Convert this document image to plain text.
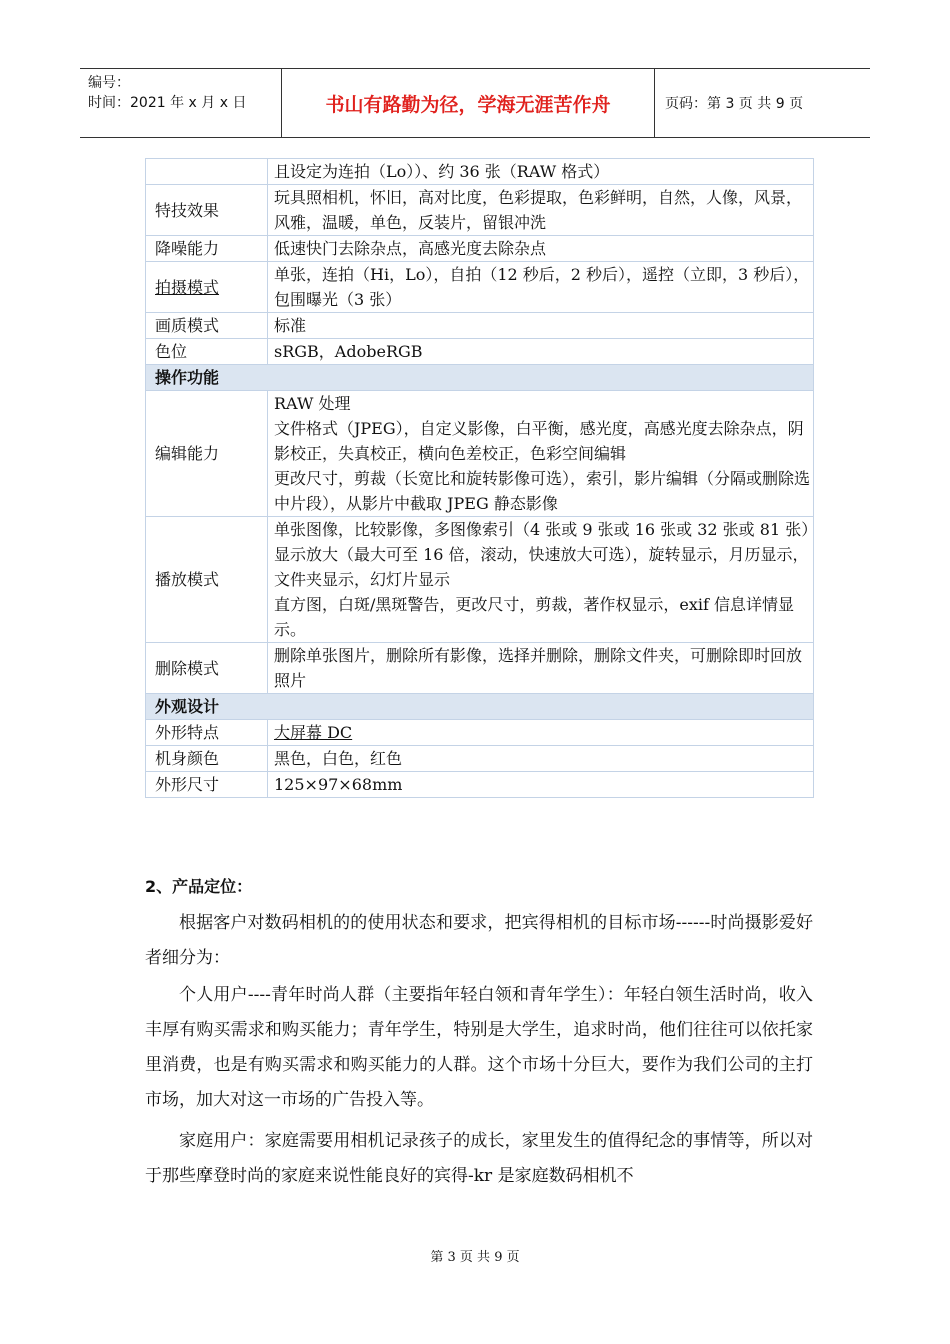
编号：
时间：2021 年 x 月 x 日	书山有路勤为径，学海无涯苦作舟	页码：第 3 页 共 9 页

	且设定为连拍（Lo））、约 36 张（RAW 格式）

特技效果	玩具照相机，怀旧，高对比度，色彩提取，色彩鲜明，自然，人像，风景，风雅，温暖，单色，反装片，留银冲洗

降噪能力	低速快门去除杂点，高感光度去除杂点

拍摄模式	单张，连拍（Hi，Lo），自拍（12 秒后，2 秒后），遥控（立即，3 秒后），包围曝光（3 张）

画质模式	标准

色位	sRGB，AdobeRGB

操作功能	
编辑能力	RAW 处理
文件格式（JPEG），自定义影像，白平衡，感光度，高感光度去除杂点，阴影校正，失真校正，横向色差校正，色彩空间编辑
更改尺寸，剪裁（长宽比和旋转影像可选），索引，影片编辑（分隔或删除选中片段），从影片中截取 JPEG 静态影像

播放模式	单张图像，比较影像，多图像索引（4 张或 9 张或 16 张或 32 张或 81 张）
显示放大（最大可至 16 倍，滚动，快速放大可选），旋转显示，月历显示，文件夹显示，幻灯片显示
直方图，白斑/黑斑警告，更改尺寸，剪裁，著作权显示，exif 信息详情显示。

删除模式	删除单张图片，删除所有影像，选择并删除，删除文件夹，可删除即时回放照片

外观设计	
外形特点	大屏幕 DC

机身颜色	黑色，白色，红色

外形尺寸	125×97×68mm
2、产品定位：

根据客户对数码相机的的使用状态和要求，把宾得相机的目标市场------时尚摄影爱好者细分为：

个人用户----青年时尚人群（主要指年轻白领和青年学生）：年轻白领生活时尚，收入丰厚有购买需求和购买能力；青年学生，特别是大学生，追求时尚，他们往往可以依托家里消费，也是有购买需求和购买能力的人群。这个市场十分巨大，要作为我们公司的主打市场，加大对这一市场的广告投入等。

家庭用户：家庭需要用相机记录孩子的成长，家里发生的值得纪念的事情等，所以对于那些摩登时尚的家庭来说性能良好的宾得-kr 是家庭数码相机不

第 3 页 共 9 页
